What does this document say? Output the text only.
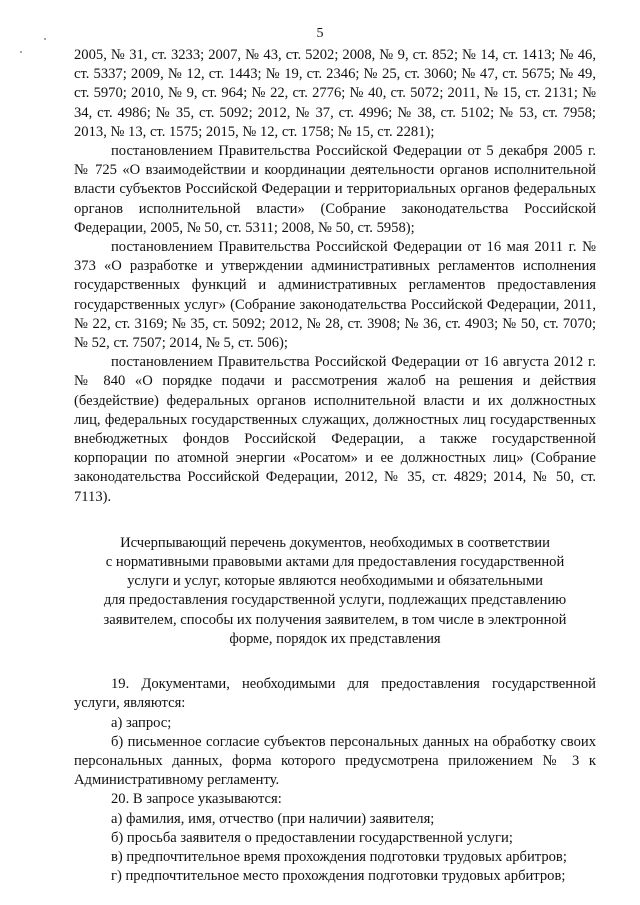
5

2005, № 31, ст. 3233; 2007, № 43, ст. 5202; 2008, № 9, ст. 852; № 14, ст. 1413; № 46, ст. 5337; 2009, № 12, ст. 1443; № 19, ст. 2346; № 25, ст. 3060; № 47, ст. 5675; № 49, ст. 5970; 2010, № 9, ст. 964; № 22, ст. 2776; № 40, ст. 5072; 2011, № 15, ст. 2131; № 34, ст. 4986; № 35, ст. 5092; 2012, № 37, ст. 4996; № 38, ст. 5102; № 53, ст. 7958; 2013, № 13, ст. 1575; 2015, № 12, ст. 1758; № 15, ст. 2281);

постановлением Правительства Российской Федерации от 5 декабря 2005 г. № 725 «О взаимодействии и координации деятельности органов исполнительной власти субъектов Российской Федерации и территориальных органов федеральных органов исполнительной власти» (Собрание законодательства Российской Федерации, 2005, № 50, ст. 5311; 2008, № 50, ст. 5958);

постановлением Правительства Российской Федерации от 16 мая 2011 г. № 373 «О разработке и утверждении административных регламентов исполнения государственных функций и административных регламентов предоставления государственных услуг» (Собрание законодательства Российской Федерации, 2011, № 22, ст. 3169; № 35, ст. 5092; 2012, № 28, ст. 3908; № 36, ст. 4903; № 50, ст. 7070; № 52, ст. 7507; 2014, № 5, ст. 506);

постановлением Правительства Российской Федерации от 16 августа 2012 г. № 840 «О порядке подачи и рассмотрения жалоб на решения и действия (бездействие) федеральных органов исполнительной власти и их должностных лиц, федеральных государственных служащих, должностных лиц государственных внебюджетных фондов Российской Федерации, а также государственной корпорации по атомной энергии «Росатом» и ее должностных лиц» (Собрание законодательства Российской Федерации, 2012, № 35, ст. 4829; 2014, № 50, ст. 7113).

Исчерпывающий перечень документов, необходимых в соответствии
с нормативными правовыми актами для предоставления государственной
услуги и услуг, которые являются необходимыми и обязательными
для предоставления государственной услуги, подлежащих представлению
заявителем, способы их получения заявителем, в том числе в электронной
форме, порядок их представления

19. Документами, необходимыми для предоставления государственной услуги, являются:

а) запрос;

б) письменное согласие субъектов персональных данных на обработку своих персональных данных, форма которого предусмотрена приложением № 3 к Административному регламенту.

20. В запросе указываются:

а) фамилия, имя, отчество (при наличии) заявителя;

б) просьба заявителя о предоставлении государственной услуги;

в) предпочтительное время прохождения подготовки трудовых арбитров;

г) предпочтительное место прохождения подготовки трудовых арбитров;
